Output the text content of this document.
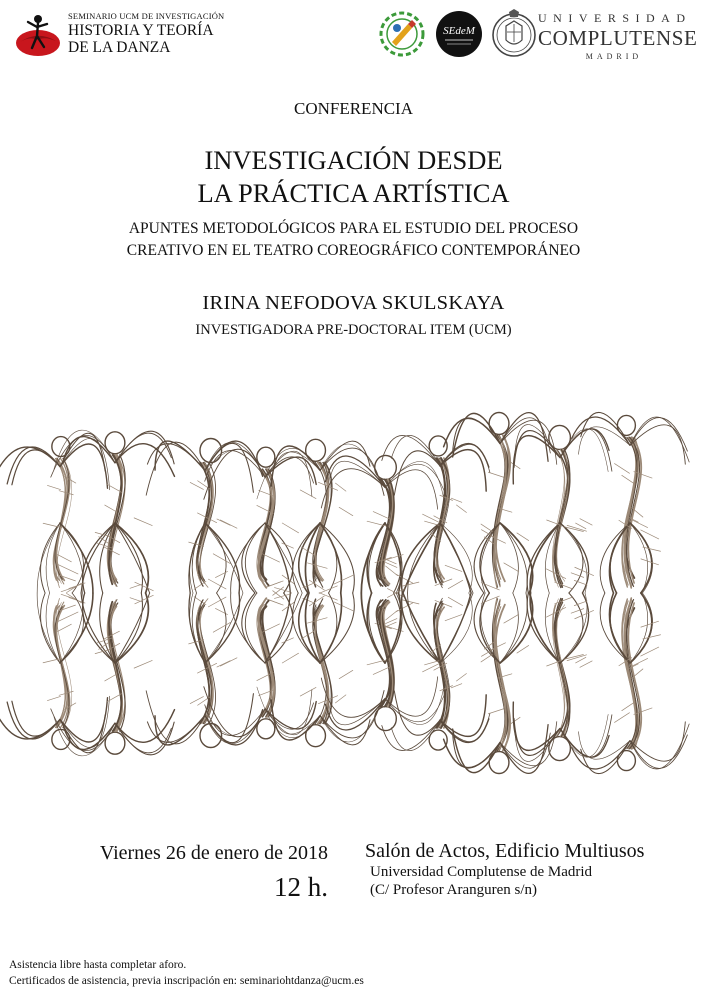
SEMINARIO UCM DE INVESTIGACIÓN
HISTORIA Y TEORÍA
DE LA DANZA
SEdeM
UNIVERSIDAD
COMPLUTENSE
MADRID
CONFERENCIA
INVESTIGACIÓN DESDE
LA PRÁCTICA ARTÍSTICA
APUNTES METODOLÓGICOS PARA EL ESTUDIO DEL PROCESO
CREATIVO EN EL TEATRO COREOGRÁFICO CONTEMPORÁNEO
IRINA NEFODOVA SKULSKAYA
INVESTIGADORA PRE-DOCTORAL ITEM (UCM)
Viernes 26 de enero de 2018
12 h.
Salón de Actos, Edificio Multiusos
Universidad Complutense de Madrid
(C/ Profesor Aranguren s/n)
Asistencia libre hasta completar aforo.
Certificados de asistencia, previa inscripación en: seminariohtdanza@ucm.es
